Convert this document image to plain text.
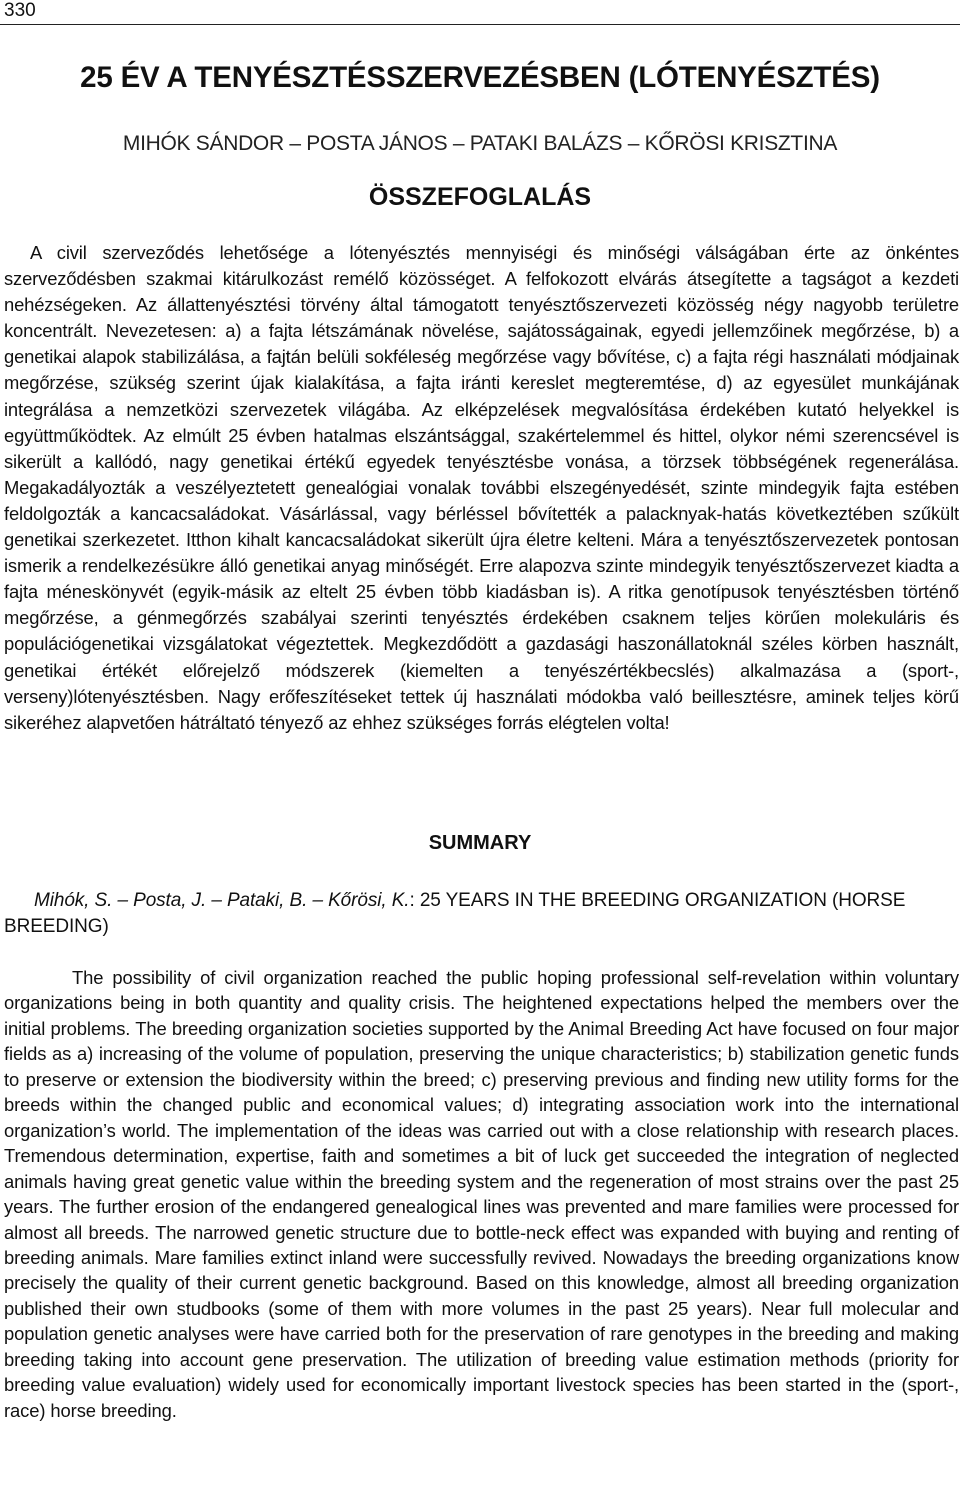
330
25 ÉV A TENYÉSZTÉSSZERVEZÉSBEN (LÓTENYÉSZTÉS)
MIHÓK SÁNDOR – POSTA JÁNOS – PATAKI BALÁZS – KŐRÖSI KRISZTINA
ÖSSZEFOGLALÁS

A civil szerveződés lehetősége a lótenyésztés mennyiségi és minőségi válságában érte az önkéntes szerveződésben szakmai kitárulkozást remélő közösséget. A felfokozott elvárás átsegítette a tagságot a kezdeti nehézségeken. Az állattenyésztési törvény által támogatott tenyésztőszervezeti közösség négy nagyobb területre koncentrált. Nevezetesen: a) a fajta létszámának növelése, sajátosságainak, egyedi jellemzőinek megőrzése, b) a genetikai alapok stabilizálása, a fajtán belüli sokféleség megőrzése vagy bővítése, c) a fajta régi használati módjainak megőrzése, szükség szerint újak kialakítása, a fajta iránti kereslet megteremtése, d) az egyesület munkájának integrálása a nemzetközi szervezetek világába. Az elképzelések megvalósítása érdekében kutató helyekkel is együttműködtek. Az elmúlt 25 évben hatalmas elszántsággal, szakértelemmel és hittel, olykor némi szerencsével is sikerült a kallódó, nagy genetikai értékű egyedek tenyésztésbe vonása, a törzsek többségének regenerálása. Megakadályozták a veszélyeztetett genealógiai vonalak további elszegényedését, szinte mindegyik fajta estében feldolgozták a kancacsaládokat. Vásárlással, vagy bérléssel bővítették a palacknyak-hatás következtében szűkült genetikai szerkezetet. Itthon kihalt kancacsaládokat sikerült újra életre kelteni. Mára a tenyésztőszervezetek pontosan ismerik a rendelkezésükre álló genetikai anyag minőségét. Erre alapozva szinte mindegyik tenyésztőszervezet kiadta a fajta méneskönyvét (egyik-másik az eltelt 25 évben több kiadásban is). A ritka genotípusok tenyésztésben történő megőrzése, a génmegőrzés szabályai szerinti tenyésztés érdekében csaknem teljes körűen molekuláris és populációgenetikai vizsgálatokat végeztettek. Megkezdődött a gazdasági haszonállatoknál széles körben használt, genetikai értékét előrejelző módszerek (kiemelten a tenyészértékbecslés) alkalmazása a (sport-, verseny)lótenyésztésben. Nagy erőfeszítéseket tettek új használati módokba való beillesztésre, aminek teljes körű sikeréhez alapvetően hátráltató tényező az ehhez szükséges forrás elégtelen volta!

SUMMARY

Mihók, S. – Posta, J. – Pataki, B. – Kőrösi, K.: 25 YEARS IN THE BREEDING ORGANIZATION (HORSE BREEDING)

The possibility of civil organization reached the public hoping professional self-revelation within voluntary organizations being in both quantity and quality crisis. The heightened expectations helped the members over the initial problems. The breeding organization societies supported by the Animal Breeding Act have focused on four major fields as a) increasing of the volume of population, preserving the unique characteristics; b) stabilization genetic funds to preserve or extension the biodiversity within the breed; c) preserving previous and finding new utility forms for the breeds within the changed public and economical values; d) integrating association work into the international organization’s world. The implementation of the ideas was carried out with a close relationship with research places. Tremendous determination, expertise, faith and sometimes a bit of luck get succeeded the integration of neglected animals having great genetic value within the breeding system and the regeneration of most strains over the past 25 years. The further erosion of the endangered genealogical lines was prevented and mare families were processed for almost all breeds. The narrowed genetic structure due to bottle-neck effect was expanded with buying and renting of breeding animals. Mare families extinct inland were successfully revived. Nowadays the breeding organizations know precisely the quality of their current genetic background. Based on this knowledge, almost all breeding organization published their own studbooks (some of them with more volumes in the past 25 years). Near full molecular and population genetic analyses were have carried both for the preservation of rare genotypes in the breeding and making breeding taking into account gene preservation. The utilization of breeding value estimation methods (priority for breeding value evaluation) widely used for economically important livestock species has been started in the (sport-, race) horse breeding.
